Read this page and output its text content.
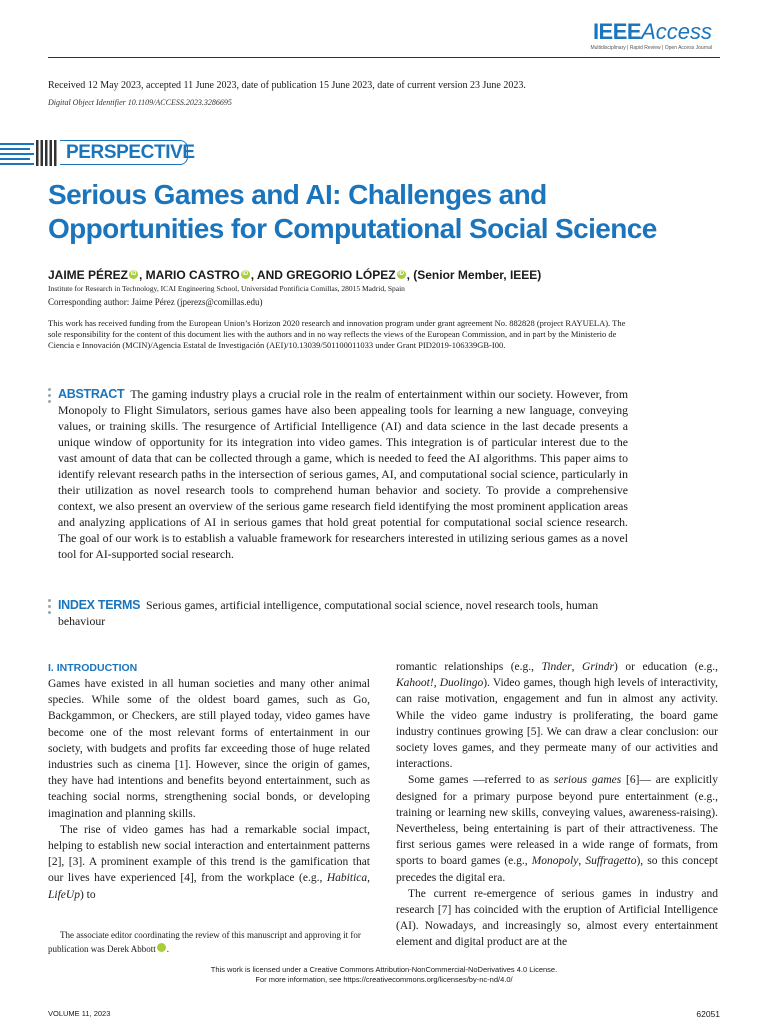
IEEEAccess
Multidisciplinary | Rapid Review | Open Access Journal
Received 12 May 2023, accepted 11 June 2023, date of publication 15 June 2023, date of current version 23 June 2023.
Digital Object Identifier 10.1109/ACCESS.2023.3286695
PERSPECTIVE
Serious Games and AI: Challenges and Opportunities for Computational Social Science
JAIME PÉREZ iD , MARIO CASTRO iD , AND GREGORIO LÓPEZ iD , (Senior Member, IEEE)
Institute for Research in Technology, ICAI Engineering School, Universidad Pontificia Comillas, 28015 Madrid, Spain
Corresponding author: Jaime Pérez (jperezs@comillas.edu)
This work has received funding from the European Union’s Horizon 2020 research and innovation program under grant agreement No. 882828 (project RAYUELA). The sole responsibility for the content of this document lies with the authors and in no way reflects the views of the European Commission, and in part by the Ministerio de Ciencia e Innovación (MCIN)/Agencia Estatal de Investigación (AEI)/10.13039/501100011033 under Grant PID2019-106339GB-I00.
ABSTRACT The gaming industry plays a crucial role in the realm of entertainment within our society. However, from Monopoly to Flight Simulators, serious games have also been appealing tools for learning a new language, conveying values, or training skills. The resurgence of Artificial Intelligence (AI) and data science in the last decade presents a unique window of opportunity for its integration into video games. This integration is of particular interest due to the vast amount of data that can be collected through a game, which is needed to feed the AI algorithms. This paper aims to identify relevant research paths in the intersection of serious games, AI, and computational social science, particularly in their utilization as novel research tools to comprehend human behavior and society. To provide a comprehensive context, we also present an overview of the serious game research field identifying the most prominent application areas and analyzing applications of AI in serious games that hold great potential for computational social science research. The goal of our work is to establish a valuable framework for researchers interested in utilizing serious games as a novel tool for AI-supported social research.
INDEX TERMS Serious games, artificial intelligence, computational social science, novel research tools, human behaviour
I. INTRODUCTION

Games have existed in all human societies and many other animal species. While some of the oldest board games, such as Go, Backgammon, or Checkers, are still played today, video games have become one of the most relevant forms of entertainment in our society, with budgets and profits far exceeding those of huge related industries such as cinema [1]. However, since the origin of games, they have had intentions and benefits beyond entertainment, such as teaching social norms, strengthening social bonds, or developing imagination and planning skills.

The rise of video games has had a remarkable social impact, helping to establish new social interaction and entertainment patterns [2], [3]. A prominent example of this trend is the gamification that our lives have experienced [4], from the workplace (e.g., Habitica, LifeUp) to

The associate editor coordinating the review of this manuscript and approving it for publication was Derek Abbott iD.

romantic relationships (e.g., Tinder, Grindr) or education (e.g., Kahoot!, Duolingo). Video games, though high levels of interactivity, can raise motivation, engagement and fun in almost any activity. While the video game industry is proliferating, the board game industry continues growing [5]. We can draw a clear conclusion: our society loves games, and they permeate many of our activities and interactions.

Some games —referred to as serious games [6]— are explicitly designed for a primary purpose beyond pure entertainment (e.g., training or learning new skills, conveying values, awareness-raising). Nevertheless, being entertaining is part of their attractiveness. The first serious games were released in a wide range of formats, from sports to board games (e.g., Monopoly, Suffragetto), so this concept precedes the digital era.

The current re-emergence of serious games in industry and research [7] has coincided with the eruption of Artificial Intelligence (AI). Nowadays, and increasingly so, almost every entertainment element and digital product are at the

This work is licensed under a Creative Commons Attribution-NonCommercial-NoDerivatives 4.0 License.
For more information, see https://creativecommons.org/licenses/by-nc-nd/4.0/
VOLUME 11, 2023	62051
